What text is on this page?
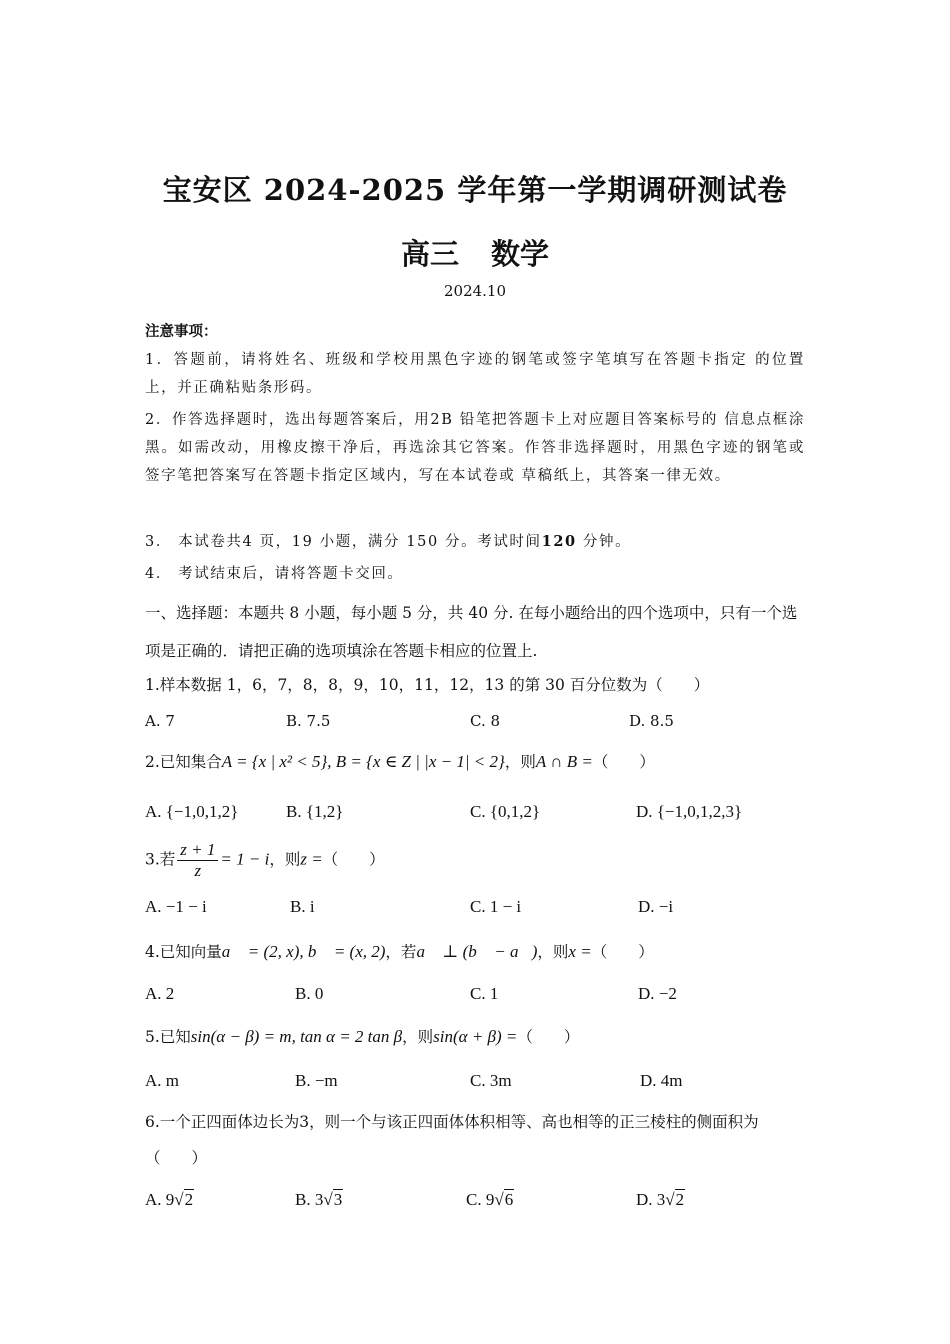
宝安区 2024-2025 学年第一学期调研测试卷
高三 数学
2024.10
注意事项：
1．答题前，请将姓名、班级和学校用黑色字迹的钢笔或签字笔填写在答题卡指定 的位置上，并正确粘贴条形码。
2．作答选择题时，选出每题答案后，用2B 铅笔把答题卡上对应题目答案标号的 信息点框涂黑。如需改动，用橡皮擦干净后，再选涂其它答案。作答非选择题时，用黑色字迹的钢笔或签字笔把答案写在答题卡指定区域内，写在本试卷或 草稿纸上，其答案一律无效。
3． 本试卷共4 页，19 小题，满分 150 分。考试时间120 分钟。
4． 考试结束后，请将答题卡交回。
一、选择题：本题共 8 小题，每小题 5 分，共 40 分. 在每小题给出的四个选项中，只有一个选项是正确的．请把正确的选项填涂在答题卡相应的位置上.
1.样本数据 1，6，7，8，8，9，10，11，12，13 的第 30 百分位数为（　　）
A. 7	B. 7.5	C. 8	D. 8.5
2.已知集合A = {x | x² < 5}, B = {x ∈ Z | |x − 1| < 2}，则A ∩ B =（　　）
A. {−1,0,1,2}	B. {1,2}	C. {0,1,2}	D. {−1,0,1,2,3}
3.若 $\frac{z + 1}{z} = 1 - i$，则z =（　　）
A. −1 − i	B. i	C. 1 − i	D. −i
4.已知向量a⃗ = (2, x), b⃗ = (x, 2)，若a⃗ ⊥ (b⃗ − a⃗)，则x =（　　）
A. 2	B. 0	C. 1	D. −2
5.已知sin(α − β) = m, tan α = 2 tan β，则sin(α + β) =（　　）
A. m	B. −m	C. 3m	D. 4m
6.一个正四面体边长为3，则一个与该正四面体体积相等、高也相等的正三棱柱的侧面积为
（　　）
A. 9√2	B. 3√3	C. 9√6	D. 3√2
